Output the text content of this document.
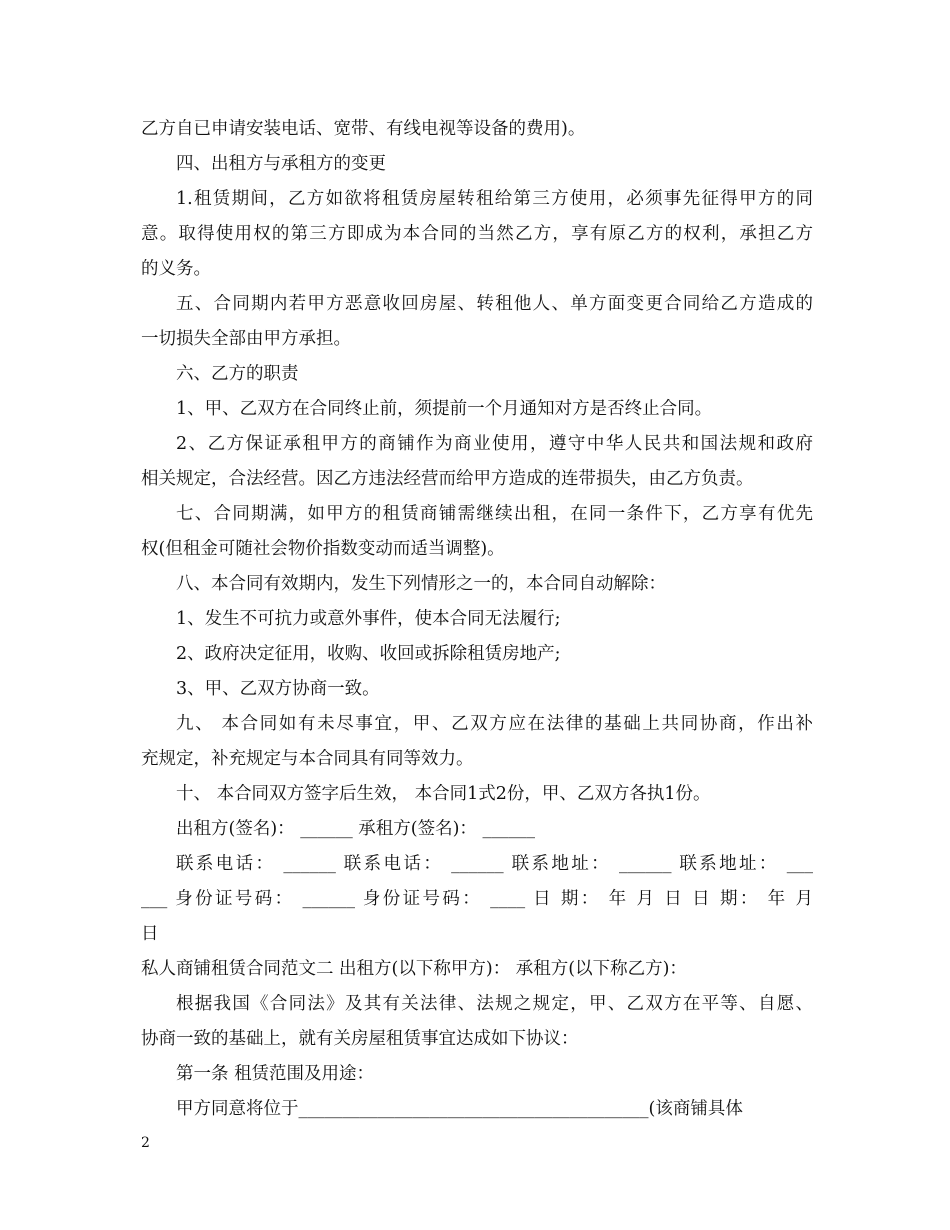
乙方自已申请安装电话、宽带、有线电视等设备的费用)。
四、出租方与承租方的变更
1.租赁期间，乙方如欲将租赁房屋转租给第三方使用，必须事先征得甲方的同
意。取得使用权的第三方即成为本合同的当然乙方，享有原乙方的权利，承担乙方
的义务。
五、合同期内若甲方恶意收回房屋、转租他人、单方面变更合同给乙方造成的
一切损失全部由甲方承担。
六、乙方的职责
1、甲、乙双方在合同终止前，须提前一个月通知对方是否终止合同。
2、乙方保证承租甲方的商铺作为商业使用，遵守中华人民共和国法规和政府
相关规定，合法经营。因乙方违法经营而给甲方造成的连带损失，由乙方负责。
七、合同期满，如甲方的租赁商铺需继续出租，在同一条件下，乙方享有优先
权(但租金可随社会物价指数变动而适当调整)。
八、本合同有效期内，发生下列情形之一的，本合同自动解除：
1、发生不可抗力或意外事件，使本合同无法履行;
2、政府决定征用，收购、收回或拆除租赁房地产;
3、甲、乙双方协商一致。
九、 本合同如有未尽事宜，甲、乙双方应在法律的基础上共同协商，作出补
充规定，补充规定与本合同具有同等效力。
十、 本合同双方签字后生效， 本合同1式2份，甲、乙双方各执1份。
出租方(签名)： ______ 承租方(签名)： ______
联系电话： ______ 联系电话： ______ 联系地址： ______ 联系地址： ___
___ 身份证号码： ______ 身份证号码： ____ 日 期： 年 月 日 日 期： 年 月
日
私人商铺租赁合同范文二 出租方(以下称甲方)： 承租方(以下称乙方)：
根据我国《合同法》及其有关法律、法规之规定，甲、乙双方在平等、自愿、
协商一致的基础上，就有关房屋租赁事宜达成如下协议：
第一条 租赁范围及用途：
甲方同意将位于________________________________________(该商铺具体
2
